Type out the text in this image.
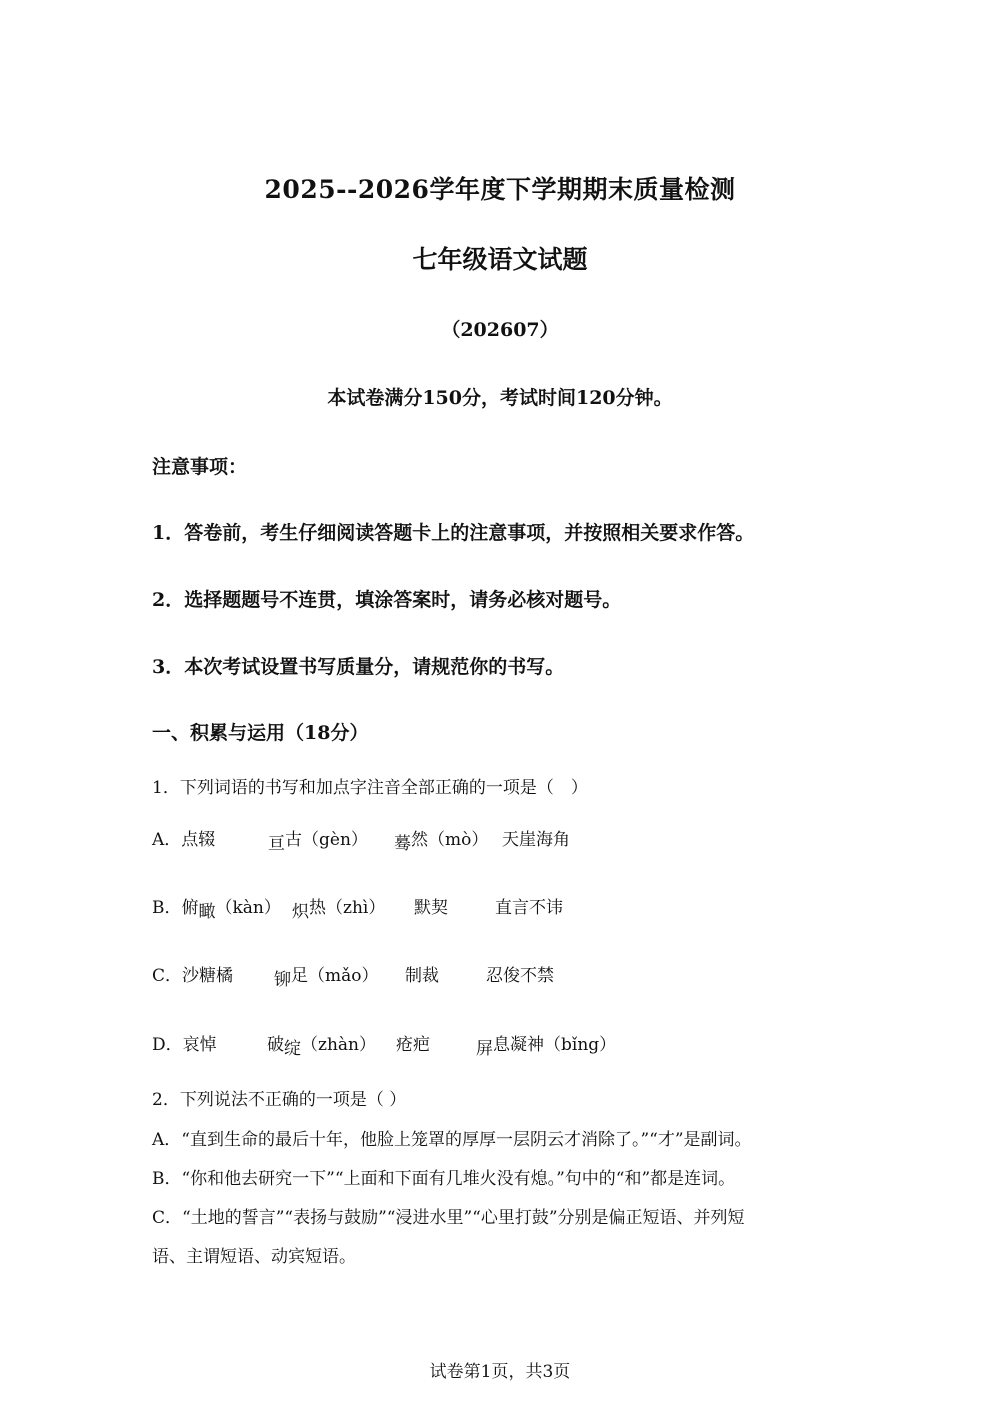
2025--2026学年度下学期期末质量检测
七年级语文试题
（202607）
本试卷满分150分，考试时间120分钟。
注意事项：
1．答卷前，考生仔细阅读答题卡上的注意事项，并按照相关要求作答。
2．选择题题号不连贯，填涂答案时，请务必核对题号。
3．本次考试设置书写质量分，请规范你的书写。
一、积累与运用（18分）
1．下列词语的书写和加点字注音全部正确的一项是（　）
A．点辍	亘古（gèn） 蓦然（mò） 天崖海角
B．俯瞰（kàn） 炽热（zhì） 默契	直言不讳
C．沙糖橘 铆足（mǎo） 制裁	忍俊不禁
D．哀悼	破绽（zhàn） 疮疤	屏息凝神（bǐng）
2．下列说法不正确的一项是（ ）
A．“直到生命的最后十年，他脸上笼罩的厚厚一层阴云才消除了。”“才”是副词。
B．“你和他去研究一下”“上面和下面有几堆火没有熄。”句中的“和”都是连词。
C．“土地的誓言”“表扬与鼓励”“浸进水里”“心里打鼓”分别是偏正短语、并列短
语、主谓短语、动宾短语。
试卷第1页，共3页
